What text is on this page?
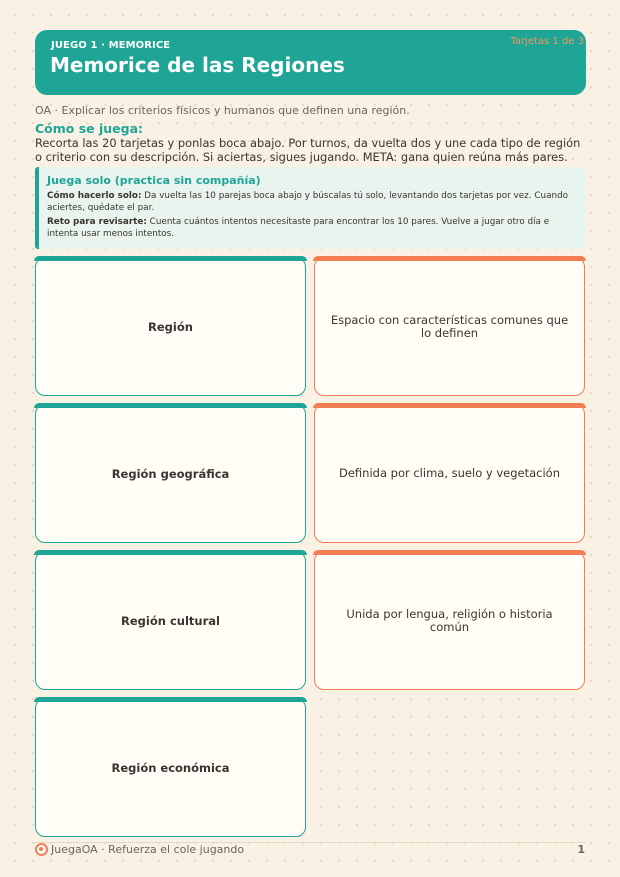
JUEGO 1 · MEMORICE
Memorice de las Regiones
Tarjetas 1 de 3
OA · Explicar los criterios físicos y humanos que definen una región.
Cómo se juega:
Recorta las 20 tarjetas y ponlas boca abajo. Por turnos, da vuelta dos y une cada tipo de región o criterio con su descripción. Si aciertas, sigues jugando. META: gana quien reúna más pares.
Juega solo (practica sin compañía)

Cómo hacerlo solo: Da vuelta las 10 parejas boca abajo y búscalas tú solo, levantando dos tarjetas por vez. Cuando aciertes, quédate el par.

Reto para revisarte: Cuenta cuántos intentos necesitaste para encontrar los 10 pares. Vuelve a jugar otro día e intenta usar menos intentos.

Región	Espacio con características comunes que lo definen
Región geográfica	Definida por clima, suelo y vegetación
Región cultural	Unida por lengua, religión o historia común
Región económica
JuegaOA · Refuerza el cole jugando	1
